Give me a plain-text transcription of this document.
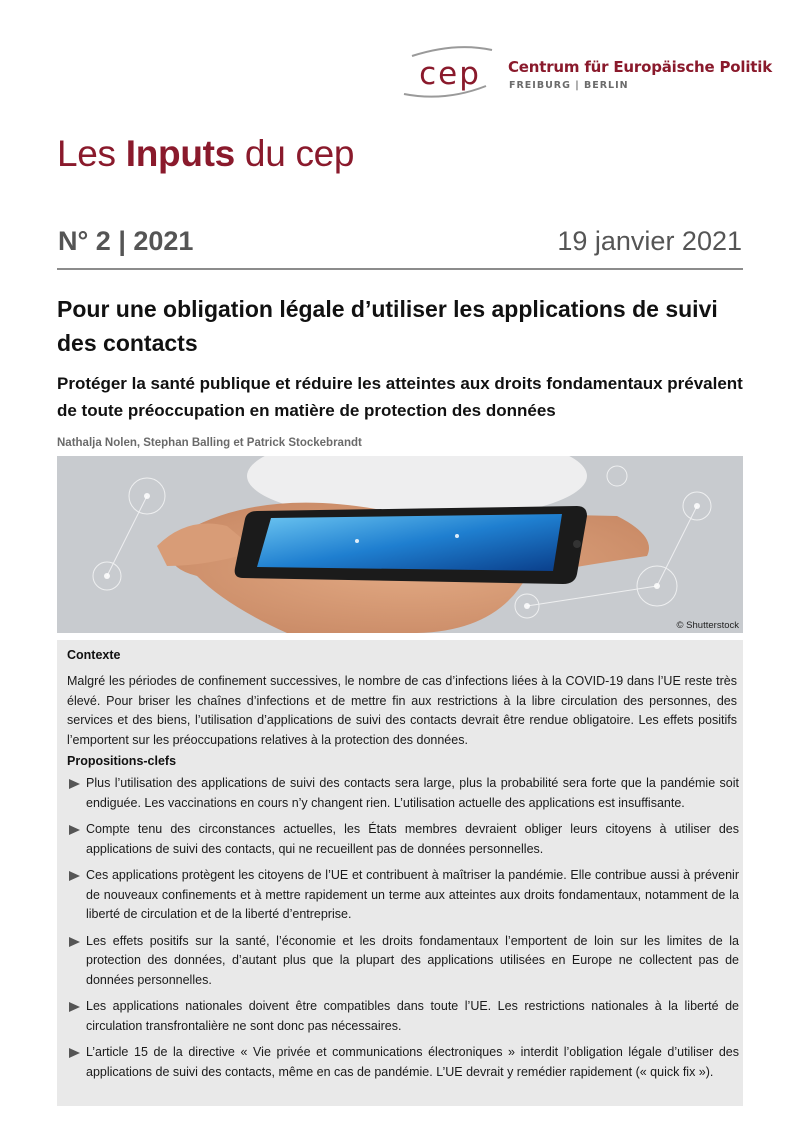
cep	Centrum für Europäische Politik
FREIBURG | BERLIN
Les Inputs du cep
N° 2 | 2021	19 janvier 2021
Pour une obligation légale d’utiliser les applications de suivi des contacts
Protéger la santé publique et réduire les atteintes aux droits fondamentaux prévalent de toute préoccupation en matière de protection des données
Nathalja Nolen, Stephan Balling et Patrick Stockebrandt
© Shutterstock
Contexte

Malgré les périodes de confinement successives, le nombre de cas d’infections liées à la COVID-19 dans l’UE reste très élevé. Pour briser les chaînes d’infections et de mettre fin aux restrictions à la libre circulation des personnes, des services et des biens, l’utilisation d’applications de suivi des contacts devrait être rendue obligatoire. Les effets positifs l’emportent sur les préoccupations relatives à la protection des données.

Propositions-clefs
Plus l’utilisation des applications de suivi des contacts sera large, plus la probabilité sera forte que la pandémie soit endiguée. Les vaccinations en cours n’y changent rien. L’utilisation actuelle des applications est insuffisante.
Compte tenu des circonstances actuelles, les États membres devraient obliger leurs citoyens à utiliser des applications de suivi des contacts, qui ne recueillent pas de données personnelles.
Ces applications protègent les citoyens de l’UE et contribuent à maîtriser la pandémie. Elle contribue aussi à prévenir de nouveaux confinements et à mettre rapidement un terme aux atteintes aux droits fondamentaux, notamment de la liberté de circulation et de la liberté d’entreprise.
Les effets positifs sur la santé, l’économie et les droits fondamentaux l’emportent de loin sur les limites de la protection des données, d’autant plus que la plupart des applications utilisées en Europe ne collectent pas de données personnelles.
Les applications nationales doivent être compatibles dans toute l’UE. Les restrictions nationales à la liberté de circulation transfrontalière ne sont donc pas nécessaires.
L’article 15 de la directive « Vie privée et communications électroniques » interdit l’obligation légale d’utiliser des applications de suivi des contacts, même en cas de pandémie. L’UE devrait y remédier rapidement (« quick fix »).
